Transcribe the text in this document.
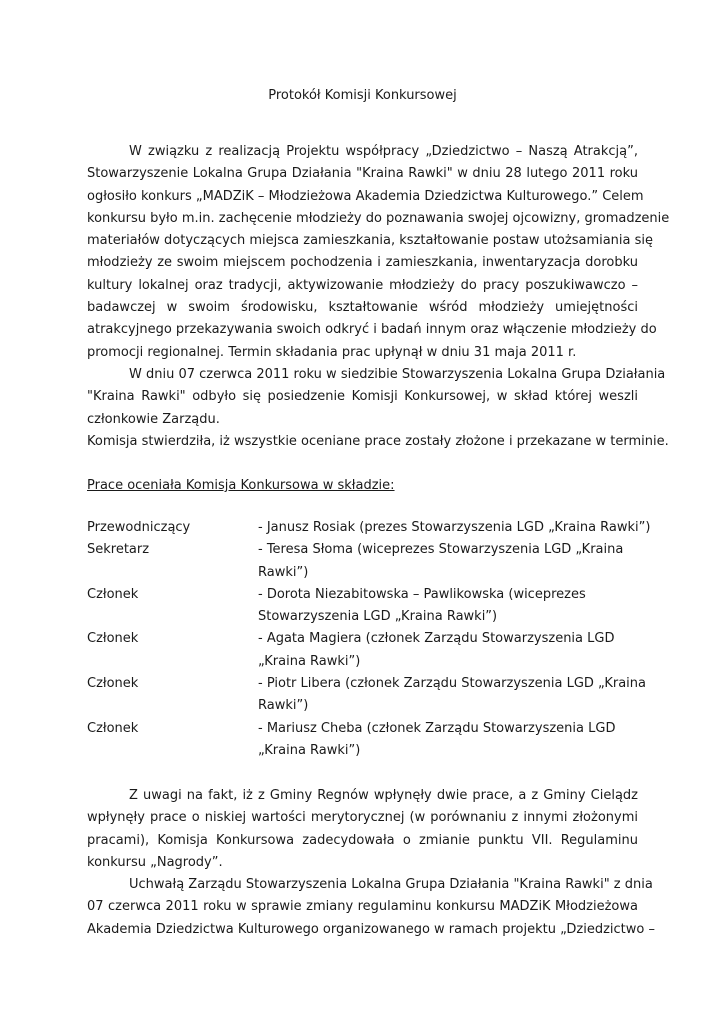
Protokół Komisji Konkursowej
W związku z realizacją Projektu współpracy „Dziedzictwo – Naszą Atrakcją”,
Stowarzyszenie Lokalna Grupa Działania "Kraina Rawki" w dniu 28 lutego 2011 roku
ogłosiło konkurs „MADZiK – Młodzieżowa Akademia Dziedzictwa Kulturowego.” Celem
konkursu było m.in. zachęcenie młodzieży do poznawania swojej ojcowizny, gromadzenie
materiałów dotyczących miejsca zamieszkania, kształtowanie postaw utożsamiania się
młodzieży ze swoim miejscem pochodzenia i zamieszkania, inwentaryzacja dorobku
kultury lokalnej oraz tradycji, aktywizowanie młodzieży do pracy poszukiwawczo –
badawczej w swoim środowisku, kształtowanie wśród młodzieży umiejętności
atrakcyjnego przekazywania swoich odkryć i badań innym oraz włączenie młodzieży do
promocji regionalnej. Termin składania prac upłynął w dniu 31 maja 2011 r.
W dniu 07 czerwca 2011 roku w siedzibie Stowarzyszenia Lokalna Grupa Działania
"Kraina Rawki" odbyło się posiedzenie Komisji Konkursowej, w skład której weszli
członkowie Zarządu.
Komisja stwierdziła, iż wszystkie oceniane prace zostały złożone i przekazane w terminie.
Prace oceniała Komisja Konkursowa w składzie:
Przewodniczący	- Janusz Rosiak (prezes Stowarzyszenia LGD „Kraina Rawki”)
Sekretarz	- Teresa Słoma (wiceprezes Stowarzyszenia LGD „Kraina
Rawki”)
Członek	- Dorota Niezabitowska – Pawlikowska (wiceprezes
Stowarzyszenia LGD „Kraina Rawki”)
Członek	- Agata Magiera (członek Zarządu Stowarzyszenia LGD
„Kraina Rawki”)
Członek	- Piotr Libera (członek Zarządu Stowarzyszenia LGD „Kraina
Rawki”)
Członek	- Mariusz Cheba (członek Zarządu Stowarzyszenia LGD
„Kraina Rawki”)
Z uwagi na fakt, iż z Gminy Regnów wpłynęły dwie prace, a z Gminy Cielądz
wpłynęły prace o niskiej wartości merytorycznej (w porównaniu z innymi złożonymi
pracami), Komisja Konkursowa zadecydowała o zmianie punktu VII. Regulaminu
konkursu „Nagrody”.
Uchwałą Zarządu Stowarzyszenia Lokalna Grupa Działania "Kraina Rawki" z dnia
07 czerwca 2011 roku w sprawie zmiany regulaminu konkursu MADZiK Młodzieżowa
Akademia Dziedzictwa Kulturowego organizowanego w ramach projektu „Dziedzictwo –
